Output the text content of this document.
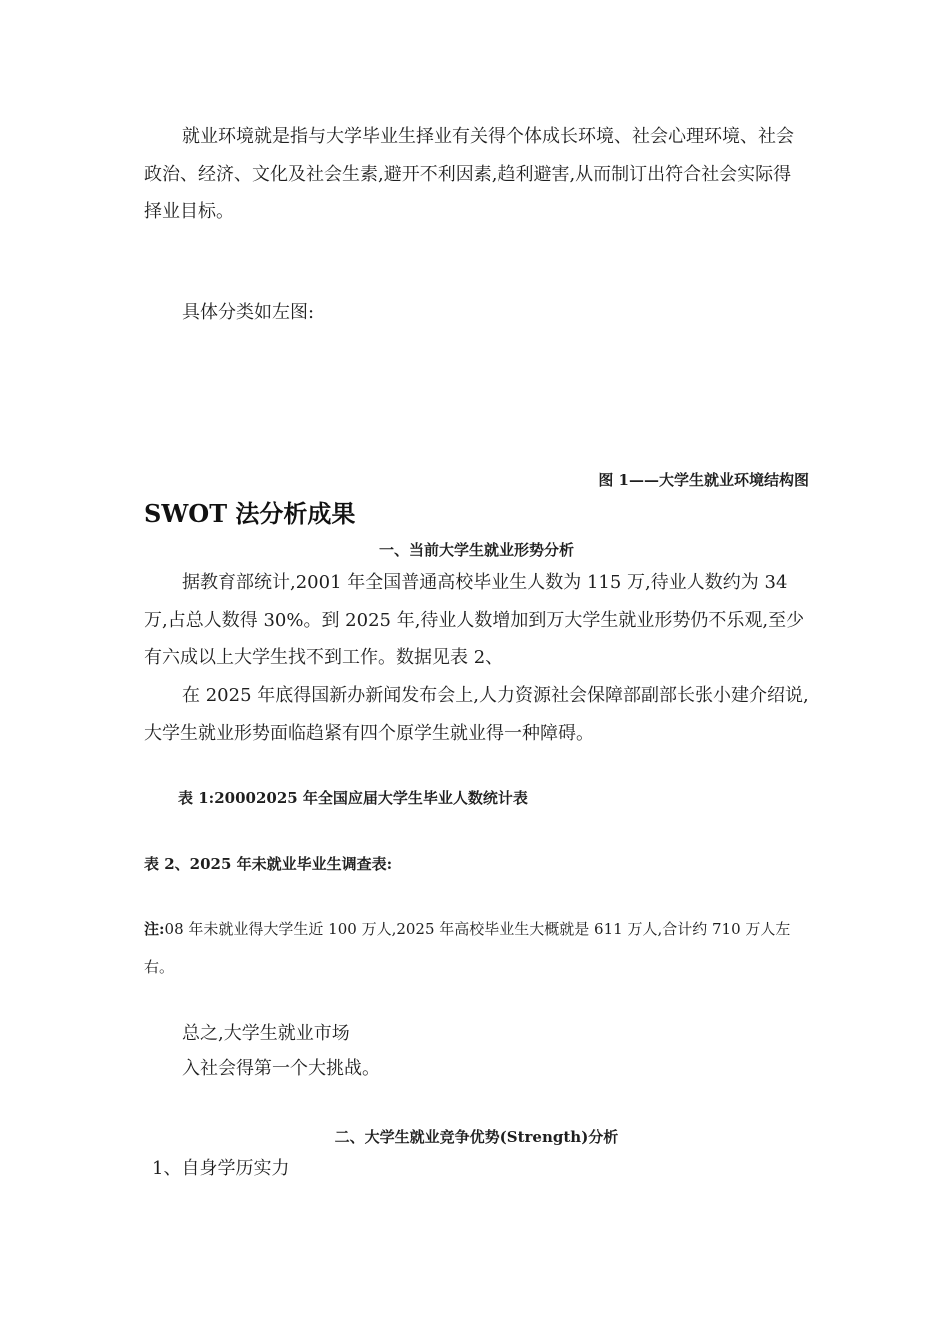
就业环境就是指与大学毕业生择业有关得个体成长环境、社会心理环境、社会政治、经济、文化及社会生素,避开不利因素,趋利避害,从而制订出符合社会实际得择业目标。

具体分类如左图:

图 1——大学生就业环境结构图

SWOT 法分析成果

一、当前大学生就业形势分析

据教育部统计,2001 年全国普通高校毕业生人数为 115 万,待业人数约为 34 万,占总人数得 30%。到 2025 年,待业人数增加到万大学生就业形势仍不乐观,至少有六成以上大学生找不到工作。数据见表 2、

在 2025 年底得国新办新闻发布会上,人力资源社会保障部副部长张小建介绍说,大学生就业形势面临趋紧有四个原学生就业得一种障碍。

表 1:20002025 年全国应届大学生毕业人数统计表

表 2、2025 年未就业毕业生调查表:

注:08 年未就业得大学生近 100 万人,2025 年高校毕业生大概就是 611 万人,合计约 710 万人左右。

总之,大学生就业市场

入社会得第一个大挑战。

二、大学生就业竞争优势(Strength)分析

1、自身学历实力
